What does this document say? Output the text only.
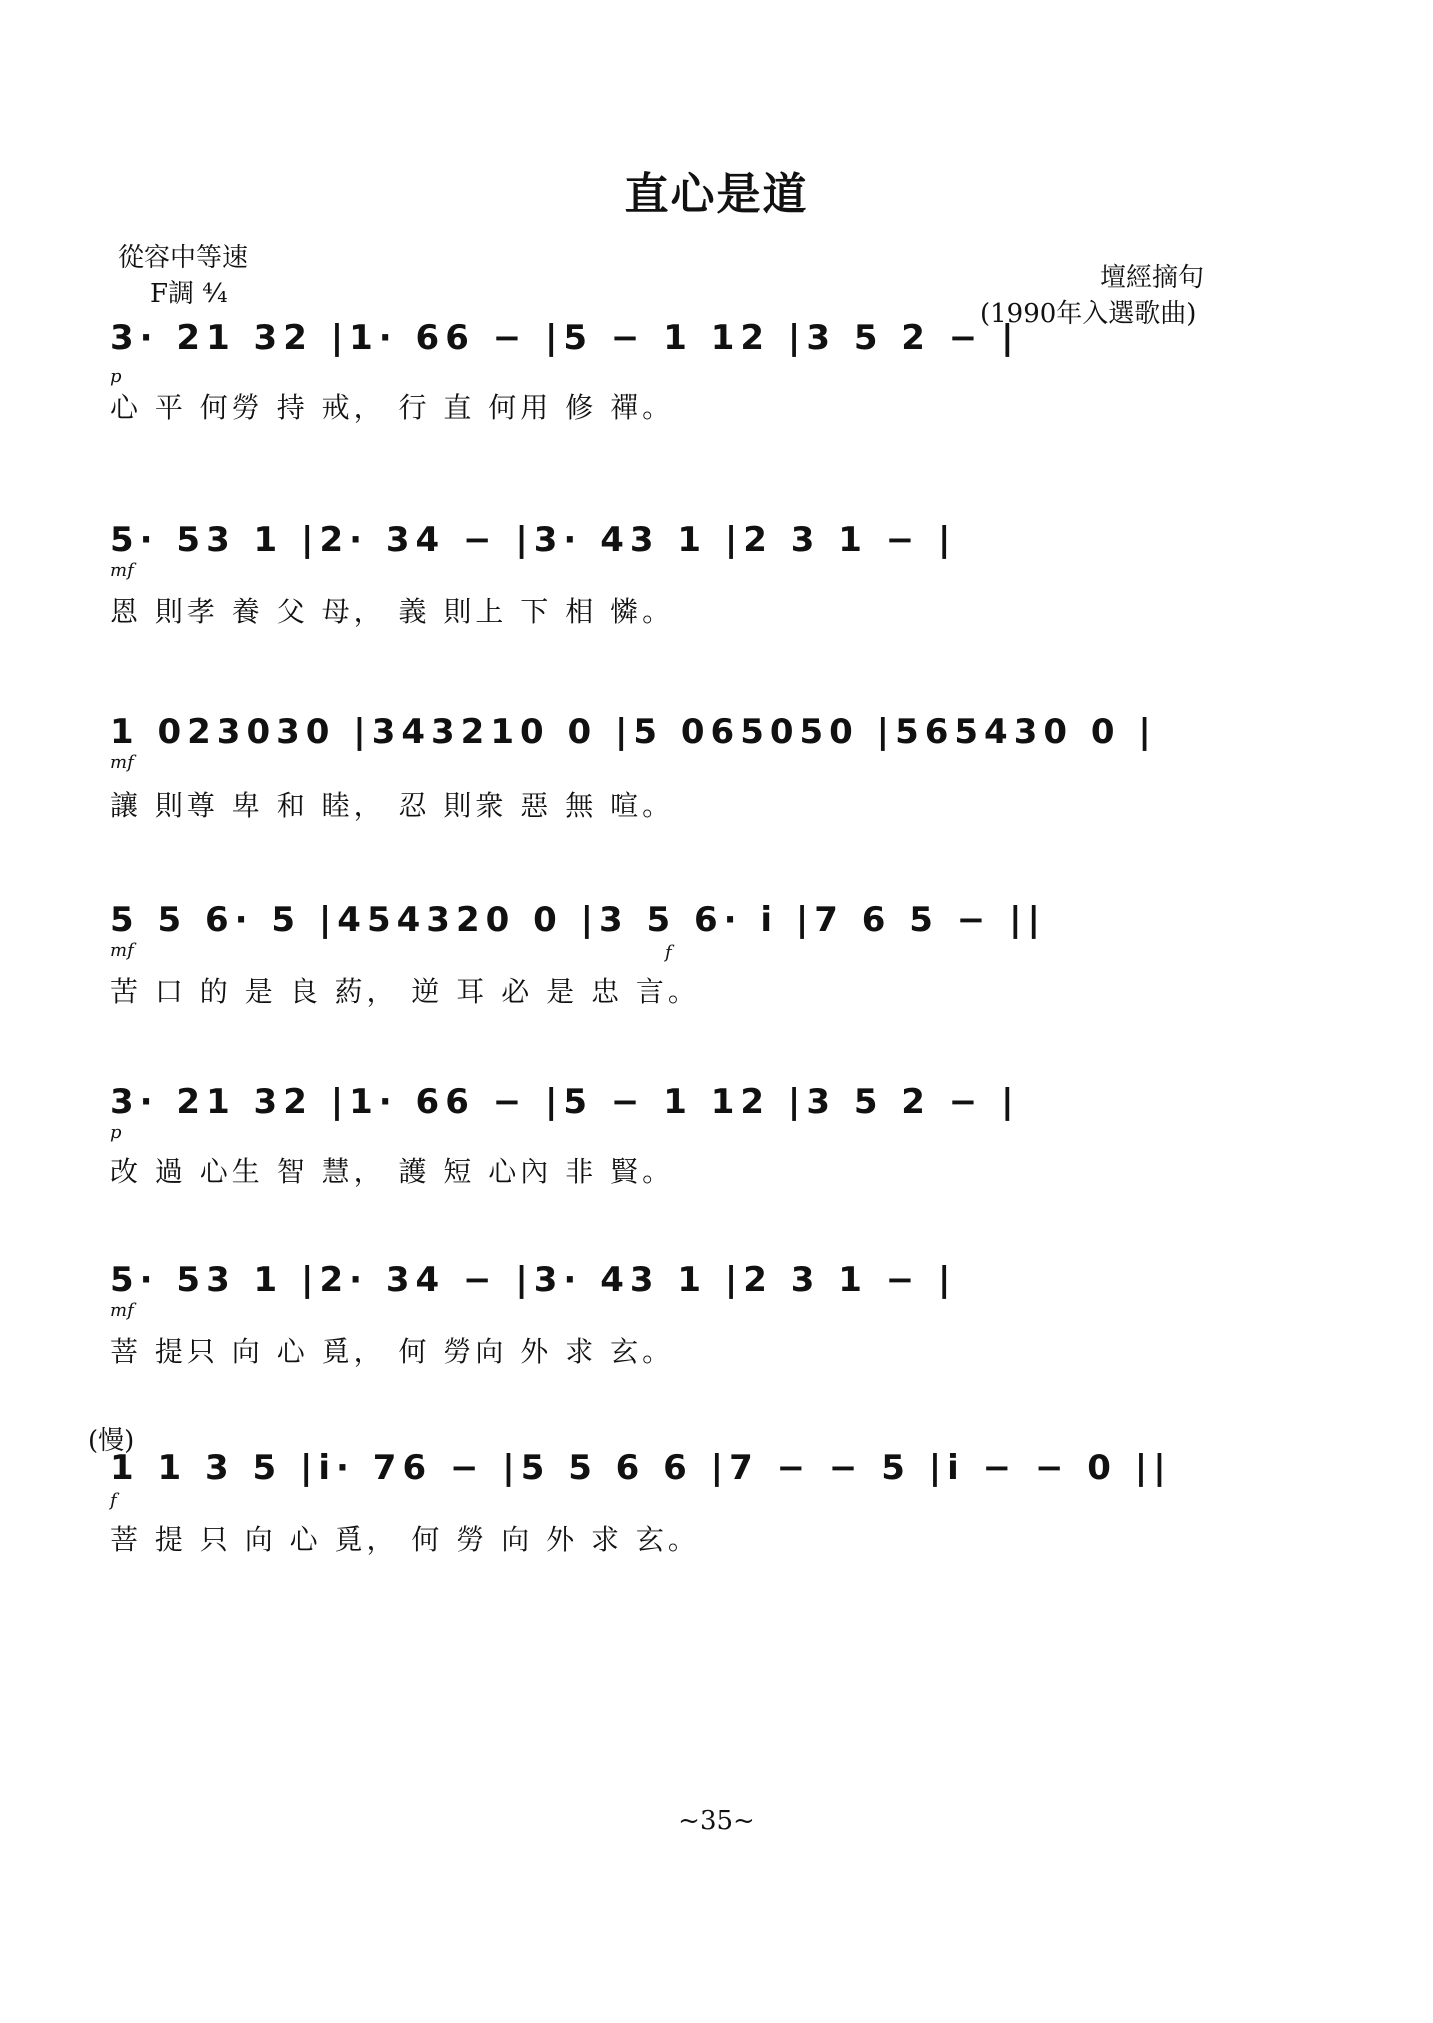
直心是道
從容中等速
F調 ⁴⁄₄
壇經摘句
(1990年入選歌曲)
3· 21 32 |1· 66 − |5 − 1 12 |3 5 2 − |
p
心 平 何勞 持 戒， 行 直 何用 修 禪。
5· 53 1 |2· 34 − |3· 43 1 |2 3 1 − |
mf
恩 則孝 養 父 母， 義 則上 下 相 憐。
1 023030 |343210 0 |5 065050 |565430 0 |
mf
讓 則尊 卑 和 睦， 忍 則衆 惡 無 喧。
5 5 6· 5 |454320 0 |3 5 6· i |7 6 5 − ||
mf	f
苦 口 的 是 良 葯， 逆 耳 必 是 忠 言。
3· 21 32 |1· 66 − |5 − 1 12 |3 5 2 − |
p
改 過 心生 智 慧， 護 短 心內 非 賢。
5· 53 1 |2· 34 − |3· 43 1 |2 3 1 − |
mf
菩 提只 向 心 覓， 何 勞向 外 求 玄。
(慢)
1 1 3 5 |i· 76 − |5 5 6 6 |7 − − 5 |i − − 0 ||
f
菩 提 只 向 心 覓， 何 勞 向 外 求 玄。
~35~
